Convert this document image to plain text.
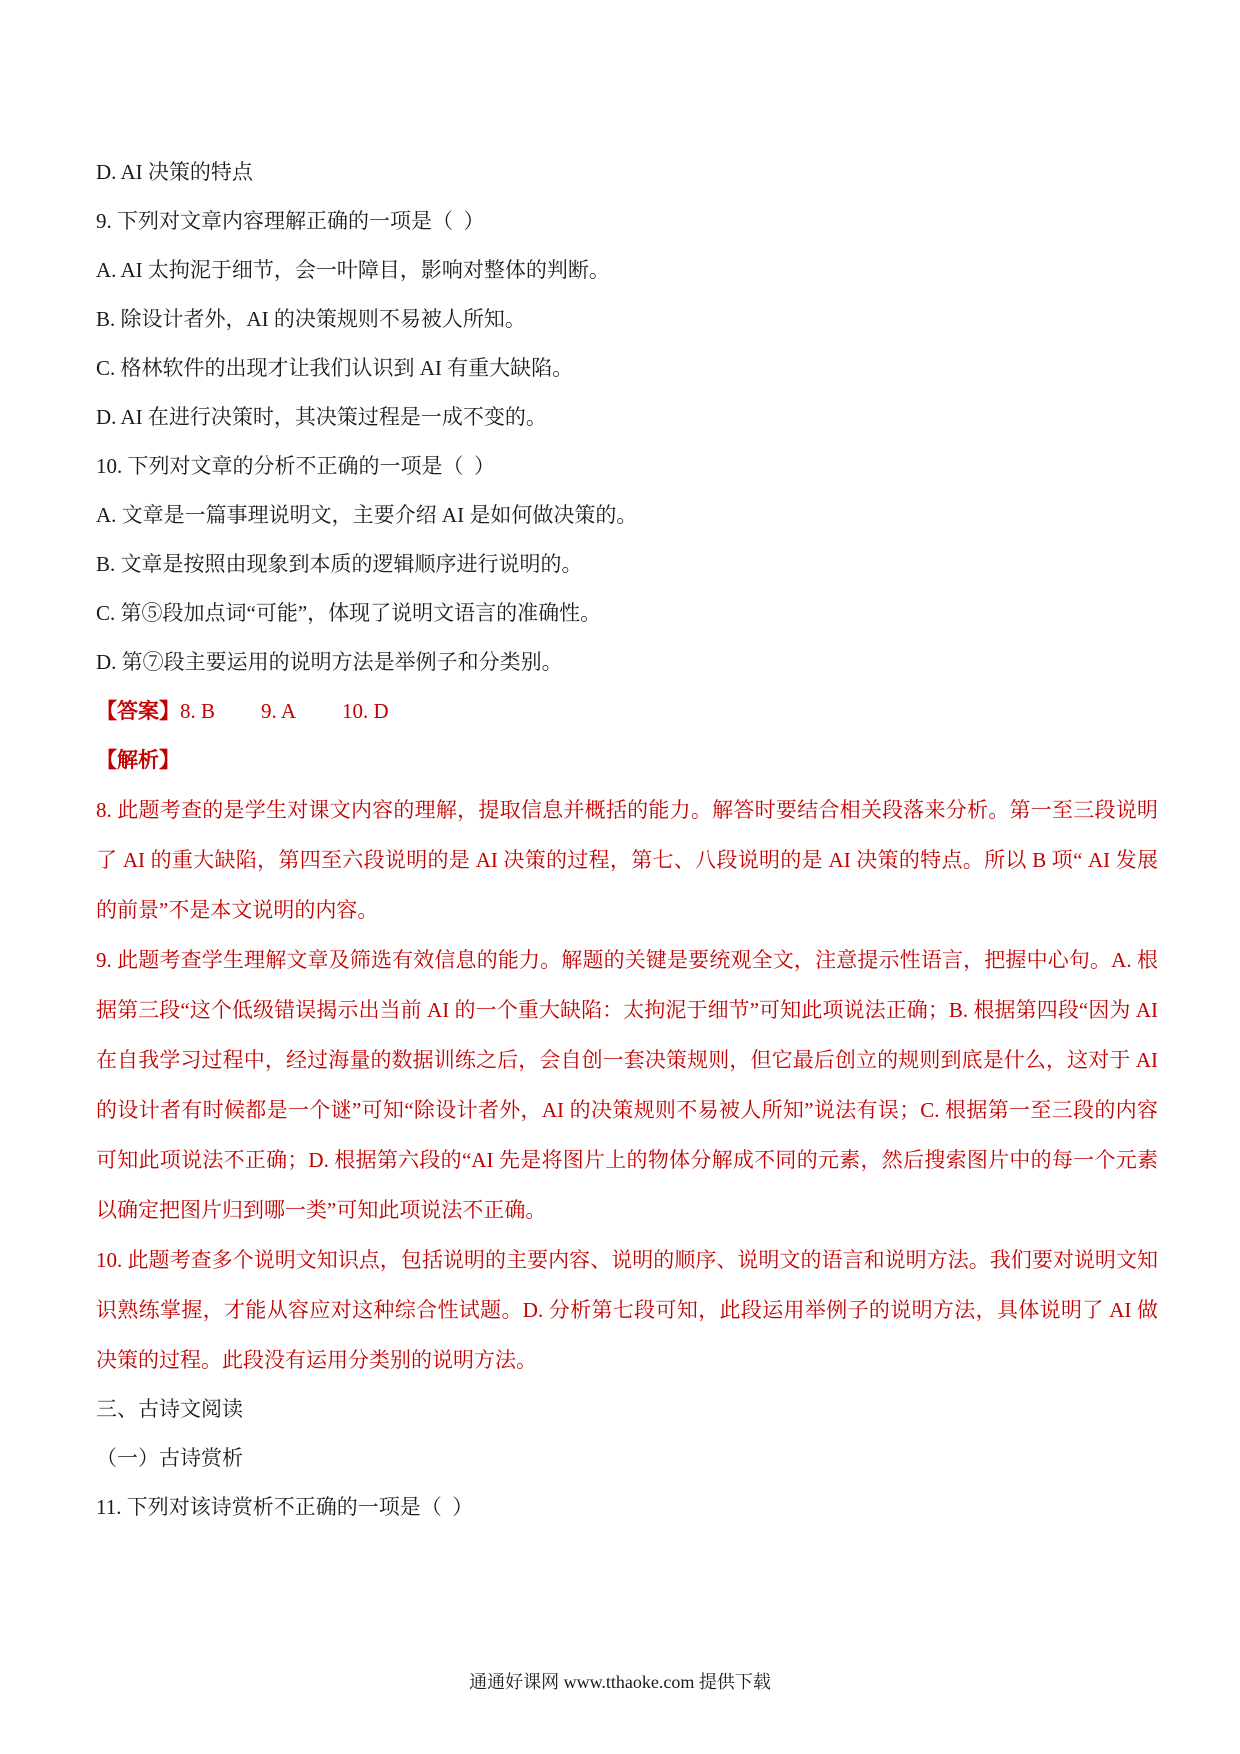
D. AI 决策的特点

9. 下列对文章内容理解正确的一项是（  ）

A. AI 太拘泥于细节，会一叶障目，影响对整体的判断。

B. 除设计者外，AI 的决策规则不易被人所知。

C. 格林软件的出现才让我们认识到 AI 有重大缺陷。

D. AI 在进行决策时，其决策过程是一成不变的。

10. 下列对文章的分析不正确的一项是（  ）

A. 文章是一篇事理说明文，主要介绍 AI 是如何做决策的。

B. 文章是按照由现象到本质的逻辑顺序进行说明的。

C. 第⑤段加点词“可能”，体现了说明文语言的准确性。

D. 第⑦段主要运用的说明方法是举例子和分类别。

【答案】8. B 9. A 10. D

【解析】

8. 此题考查的是学生对课文内容的理解，提取信息并概括的能力。解答时要结合相关段落来分析。第一至三段说明了 AI 的重大缺陷，第四至六段说明的是 AI 决策的过程，第七、八段说明的是 AI 决策的特点。所以 B 项“ AI 发展的前景”不是本文说明的内容。

9. 此题考查学生理解文章及筛选有效信息的能力。解题的关键是要统观全文，注意提示性语言，把握中心句。A. 根据第三段“这个低级错误揭示出当前 AI 的一个重大缺陷：太拘泥于细节”可知此项说法正确；B. 根据第四段“因为 AI 在自我学习过程中，经过海量的数据训练之后，会自创一套决策规则，但它最后创立的规则到底是什么，这对于 AI 的设计者有时候都是一个谜”可知“除设计者外，AI 的决策规则不易被人所知”说法有误；C. 根据第一至三段的内容可知此项说法不正确；D. 根据第六段的“AI 先是将图片上的物体分解成不同的元素，然后搜索图片中的每一个元素以确定把图片归到哪一类”可知此项说法不正确。

10. 此题考查多个说明文知识点，包括说明的主要内容、说明的顺序、说明文的语言和说明方法。我们要对说明文知识熟练掌握，才能从容应对这种综合性试题。D. 分析第七段可知，此段运用举例子的说明方法，具体说明了 AI 做决策的过程。此段没有运用分类别的说明方法。

三、古诗文阅读

（一）古诗赏析

11. 下列对该诗赏析不正确的一项是（  ）

通通好课网 www.tthaoke.com 提供下载
